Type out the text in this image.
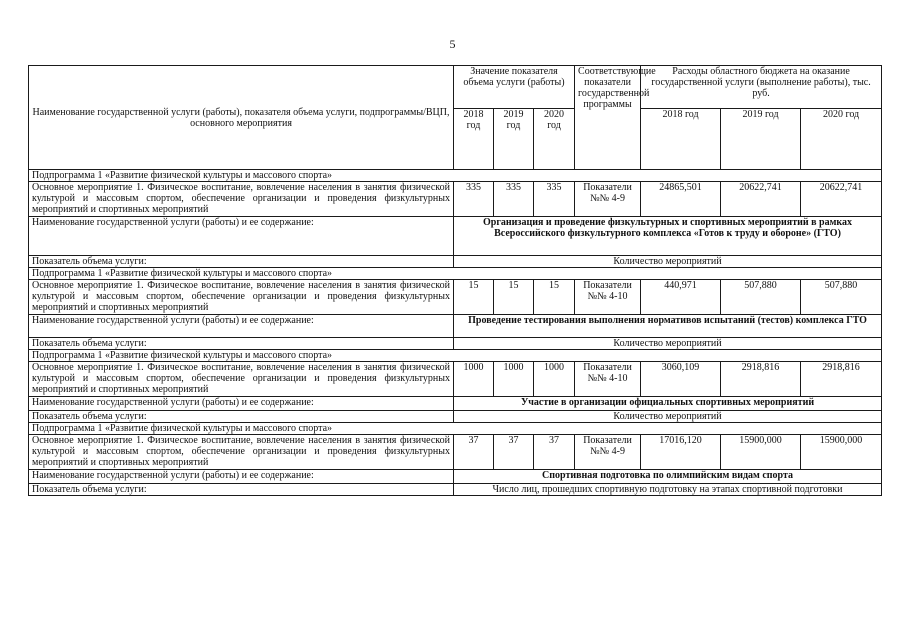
5
Наименование государственной услуги (работы), показателя объема услуги, подпрограммы/ВЦП, основного мероприятия	Значение показателя объема услуги (работы)			Соответствующие показатели государственной программы	Расходы областного бюджета на оказание государственной услуги (выполнение работы), тыс. руб.		
	2018 год	2019 год	2020 год		2018 год	2019 год	2020 год
Подпрограмма 1 «Развитие физической культуры и массового спорта»							
Основное мероприятие 1. Физическое воспитание, вовлечение населения в занятия физической культурой и массовым спортом, обеспечение организации и проведения физкультурных мероприятий и спортивных мероприятий	335	335	335	Показатели №№ 4-9	24865,501	20622,741	20622,741
Наименование государственной услуги (работы) и ее содержание:	Организация и проведение физкультурных и спортивных мероприятий в рамках Всероссийского физкультурного комплекса «Готов к труду и обороне» (ГТО)						
Показатель объема услуги:	Количество мероприятий						
Подпрограмма 1 «Развитие физической культуры и массового спорта»							
Основное мероприятие 1. Физическое воспитание, вовлечение населения в занятия физической культурой и массовым спортом, обеспечение организации и проведения физкультурных мероприятий и спортивных мероприятий	15	15	15	Показатели №№ 4-10	440,971	507,880	507,880
Наименование государственной услуги (работы) и ее содержание:	Проведение тестирования выполнения нормативов испытаний (тестов) комплекса ГТО						
Показатель объема услуги:	Количество мероприятий						
Подпрограмма 1 «Развитие физической культуры и массового спорта»							
Основное мероприятие 1. Физическое воспитание, вовлечение населения в занятия физической культурой и массовым спортом, обеспечение организации и проведения физкультурных мероприятий и спортивных мероприятий	1000	1000	1000	Показатели №№ 4-10	3060,109	2918,816	2918,816
Наименование государственной услуги (работы) и ее содержание:	Участие в организации официальных спортивных мероприятий						
Показатель объема услуги:	Количество мероприятий						
Подпрограмма 1 «Развитие физической культуры и массового спорта»							
Основное мероприятие 1. Физическое воспитание, вовлечение населения в занятия физической культурой и массовым спортом, обеспечение организации и проведения физкультурных мероприятий и спортивных мероприятий	37	37	37	Показатели №№ 4-9	17016,120	15900,000	15900,000
Наименование государственной услуги (работы) и ее содержание:	Спортивная подготовка по олимпийским видам спорта						
Показатель объема услуги:	Число лиц, прошедших спортивную подготовку на этапах спортивной подготовки						
